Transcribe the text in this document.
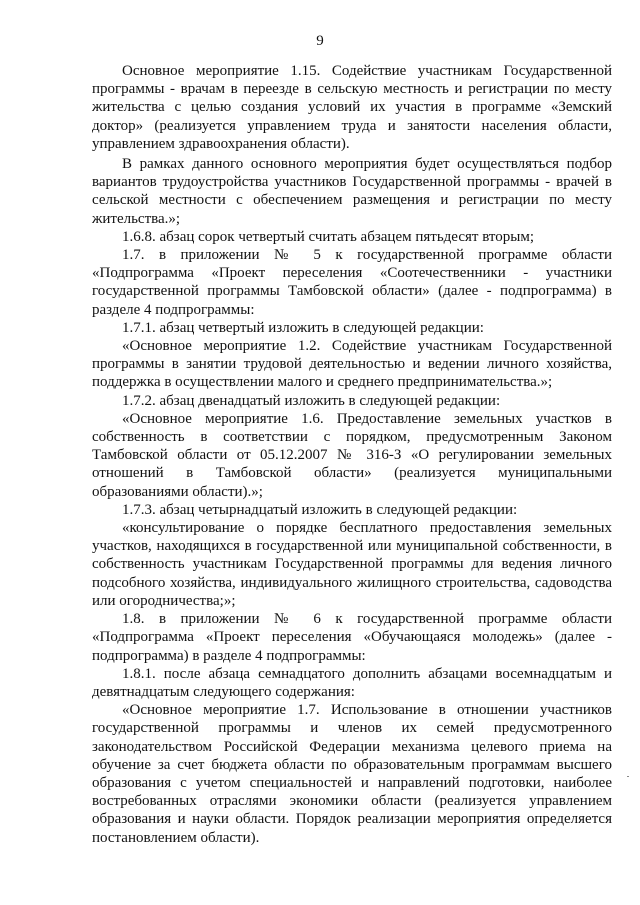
9

Основное мероприятие 1.15. Содействие участникам Государственной программы - врачам в переезде в сельскую местность и регистрации по месту жительства с целью создания условий их участия в программе «Земский доктор» (реализуется управлением труда и занятости населения области, управлением здравоохранения области).

В рамках данного основного мероприятия будет осуществляться подбор вариантов трудоустройства участников Государственной программы - врачей в сельской местности с обеспечением размещения и регистрации по месту жительства.»;

1.6.8. абзац сорок четвертый считать абзацем пятьдесят вторым;

1.7. в приложении № 5 к государственной программе области «Подпрограмма «Проект переселения «Соотечественники - участники государственной программы Тамбовской области» (далее - подпрограмма) в разделе 4 подпрограммы:

1.7.1. абзац четвертый изложить в следующей редакции:

«Основное мероприятие 1.2. Содействие участникам Государственной программы в занятии трудовой деятельностью и ведении личного хозяйства, поддержка в осуществлении малого и среднего предпринимательства.»;

1.7.2. абзац двенадцатый изложить в следующей редакции:

«Основное мероприятие 1.6. Предоставление земельных участков в собственность в соответствии с порядком, предусмотренным Законом Тамбовской области от 05.12.2007 № 316-З «О регулировании земельных отношений в Тамбовской области» (реализуется муниципальными образованиями области).»;

1.7.3. абзац четырнадцатый изложить в следующей редакции:

«консультирование о порядке бесплатного предоставления земельных участков, находящихся в государственной или муниципальной собственности, в собственность участникам Государственной программы для ведения личного подсобного хозяйства, индивидуального жилищного строительства, садоводства или огородничества;»;

1.8. в приложении № 6 к государственной программе области «Подпрограмма «Проект переселения «Обучающаяся молодежь» (далее - подпрограмма) в разделе 4 подпрограммы:

1.8.1. после абзаца семнадцатого дополнить абзацами восемнадцатым и девятнадцатым следующего содержания:

«Основное мероприятие 1.7. Использование в отношении участников государственной программы и членов их семей предусмотренного законодательством Российской Федерации механизма целевого приема на обучение за счет бюджета области по образовательным программам высшего образования с учетом специальностей и направлений подготовки, наиболее востребованных отраслями экономики области (реализуется управлением образования и науки области. Порядок реализации мероприятия определяется постановлением области).
